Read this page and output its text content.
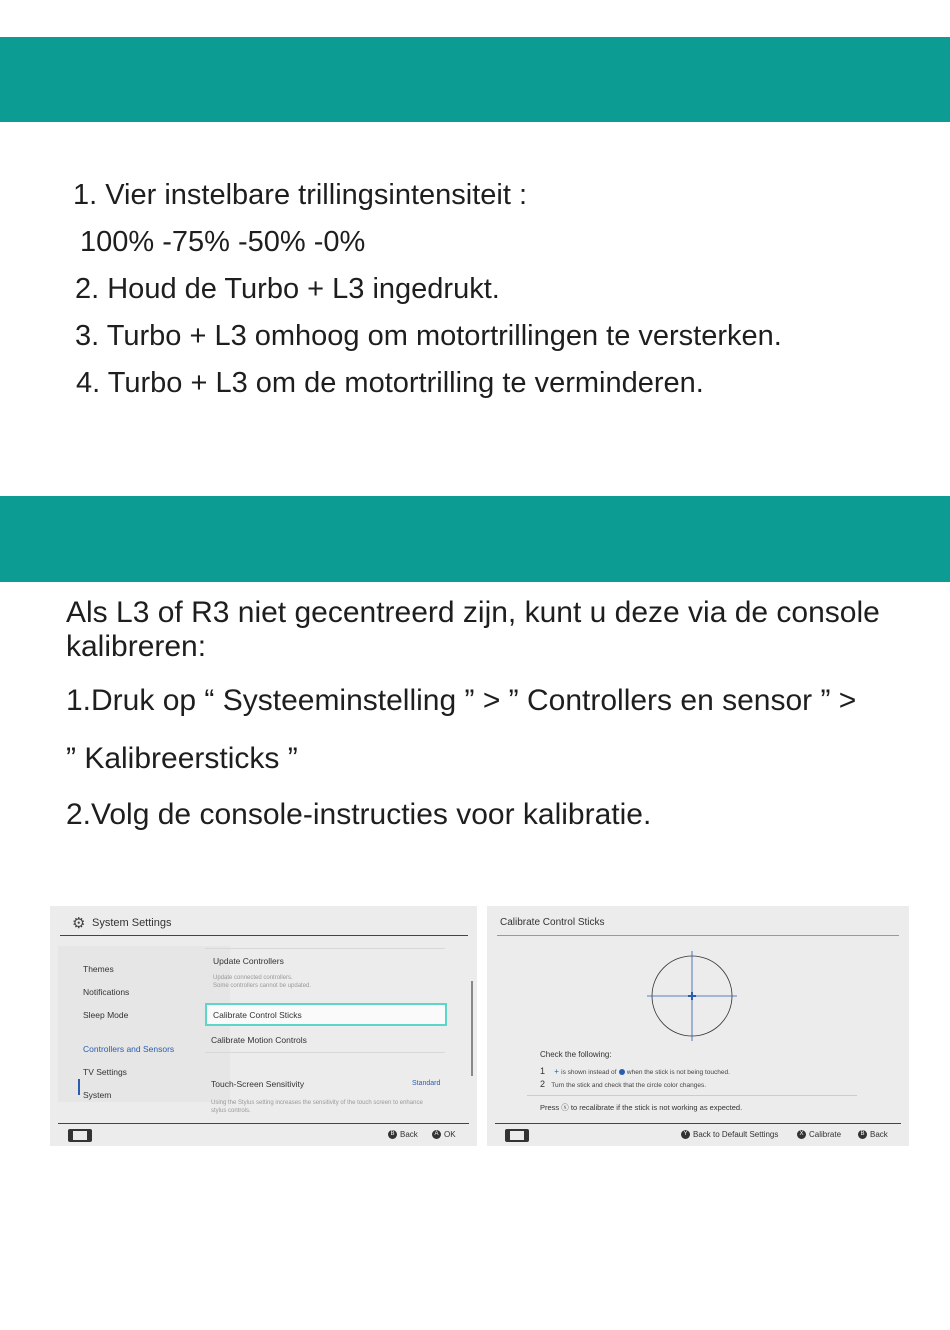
1. Vier instelbare trillingsintensiteit :
100% -75% -50% -0%
2. Houd de Turbo + L3 ingedrukt.
3. Turbo + L3 omhoog om motortrillingen te versterken.
4. Turbo + L3 om de motortrilling te verminderen.
Als L3 of R3 niet gecentreerd zijn, kunt u deze via de console
kalibreren:
1.Druk op “ Systeeminstelling ” > ” Controllers en sensor ” >
” Kalibreersticks ”
2.Volg de console-instructies voor kalibratie.
⚙ System Settings
Themes
Notifications
Sleep Mode
Controllers and Sensors
TV Settings
System
Update Controllers
Update connected controllers.
Some controllers cannot be updated.
Calibrate Control Sticks
Calibrate Motion Controls
Touch-Screen Sensitivity	Standard
Using the Stylus setting increases the sensitivity of the touch screen to enhance
stylus controls.
B Back	A OK
Calibrate Control Sticks
Check the following:
1 + is shown instead of when the stick is not being touched.
2 Turn the stick and check that the circle color changes.
Press ⓧ to recalibrate if the stick is not working as expected.
Y Back to Default Settings	X Calibrate	B Back
